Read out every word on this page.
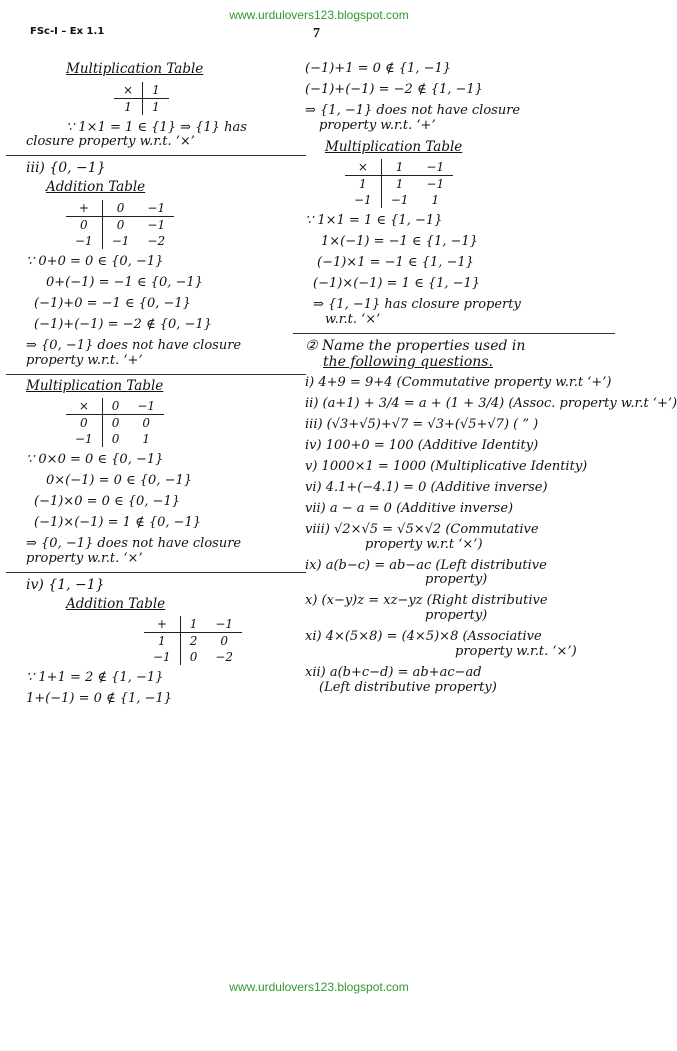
FSc-I – Ex 1.1
www.urdulovers123.blogspot.com
7
Multiplication Table
×	1
1	1
∵ 1×1 = 1 ∈ {1} ⇒ {1} has
closure property w.r.t. ‘×’
iii) {0, −1}
Addition Table
+	0	−1
0	0	−1
−1	−1	−2
∵ 0+0 = 0 ∈ {0, −1}
0+(−1) = −1 ∈ {0, −1}
(−1)+0 = −1 ∈ {0, −1}
(−1)+(−1) = −2 ∉ {0, −1}
⇒ {0, −1} does not have closure
property w.r.t. ‘+’
Multiplication Table
×	0	−1
0	0	0
−1	0	1
∵ 0×0 = 0 ∈ {0, −1}
0×(−1) = 0 ∈ {0, −1}
(−1)×0 = 0 ∈ {0, −1}
(−1)×(−1) = 1 ∉ {0, −1}
⇒ {0, −1} does not have closure
property w.r.t. ‘×’
iv) {1, −1}
Addition Table
+	1	−1
1	2	0
−1	0	−2
∵ 1+1 = 2 ∉ {1, −1}
1+(−1) = 0 ∉ {1, −1}
(−1)+1 = 0 ∉ {1, −1}
(−1)+(−1) = −2 ∉ {1, −1}
⇒ {1, −1} does not have closure
property w.r.t. ‘+’
Multiplication Table
×	1	−1
1	1	−1
−1	−1	1
∵ 1×1 = 1 ∈ {1, −1}
1×(−1) = −1 ∈ {1, −1}
(−1)×1 = −1 ∈ {1, −1}
(−1)×(−1) = 1 ∈ {1, −1}
⇒ {1, −1} has closure property
w.r.t. ‘×’
② Name the properties used in
the following questions.
i) 4+9 = 9+4 (Commutative property w.r.t ‘+’)
ii) (a+1) + 3/4 = a + (1 + 3/4) (Assoc. property w.r.t ‘+’)
iii) (√3+√5)+√7 = √3+(√5+√7) ( ” )
iv) 100+0 = 100 (Additive Identity)
v) 1000×1 = 1000 (Multiplicative Identity)
vi) 4.1+(−4.1) = 0 (Additive inverse)
vii) a − a = 0 (Additive inverse)
viii) √2×√5 = √5×√2 (Commutative
property w.r.t ‘×’)
ix) a(b−c) = ab−ac (Left distributive
property)
x) (x−y)z = xz−yz (Right distributive
property)
xi) 4×(5×8) = (4×5)×8 (Associative
property w.r.t. ‘×’)
xii) a(b+c−d) = ab+ac−ad
(Left distributive property)
www.urdulovers123.blogspot.com
